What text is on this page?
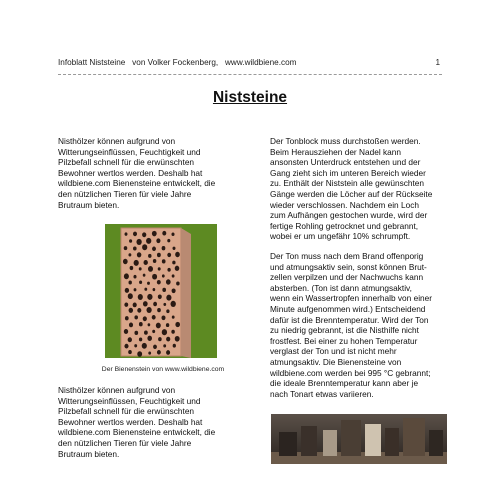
Infoblatt Niststeine   von Volker Fockenberg,   www.wildbiene.com	1
Niststeine
Nisthölzer können aufgrund von
Witterungseinflüssen, Feuchtigkeit und
Pilzbefall schnell für die erwünschten
Bewohner wertlos werden. Deshalb hat
wildbiene.com Bienensteine entwickelt, die
den nützlichen Tieren für viele Jahre
Brutraum bieten.
Der Bienenstein von www.wildbiene.com
Nisthölzer können aufgrund von
Witterungseinflüssen, Feuchtigkeit und
Pilzbefall schnell für die erwünschten
Bewohner wertlos werden. Deshalb hat
wildbiene.com Bienensteine entwickelt, die
den nützlichen Tieren für viele Jahre
Brutraum bieten.
Der Tonblock muss durchstoßen werden.
Beim Herausziehen der Nadel kann
ansonsten Unterdruck entstehen und der
Gang zieht sich im unteren Bereich wieder
zu. Enthält der Niststein alle gewünschten
Gänge werden die Löcher auf der Rückseite
wieder verschlossen. Nachdem ein Loch
zum Aufhängen gestochen wurde, wird der
fertige Rohling getrocknet und gebrannt,
wobei er um ungefähr 10% schrumpft.
Der Ton muss nach dem Brand offenporig
und atmungsaktiv sein, sonst können Brut-
zellen verpilzen und der Nachwuchs kann
absterben. (Ton ist dann atmungsaktiv,
wenn ein Wassertropfen innerhalb von einer
Minute aufgenommen wird.) Entscheidend
dafür ist die Brenntemperatur. Wird der Ton
zu niedrig gebrannt, ist die Nisthilfe nicht
frostfest. Bei einer zu hohen Temperatur
verglast der Ton und ist nicht mehr
atmungsaktiv. Die Bienensteine von
wildbiene.com werden bei 995 °C gebrannt;
die ideale Brenntemperatur kann aber je
nach Tonart etwas variieren.
